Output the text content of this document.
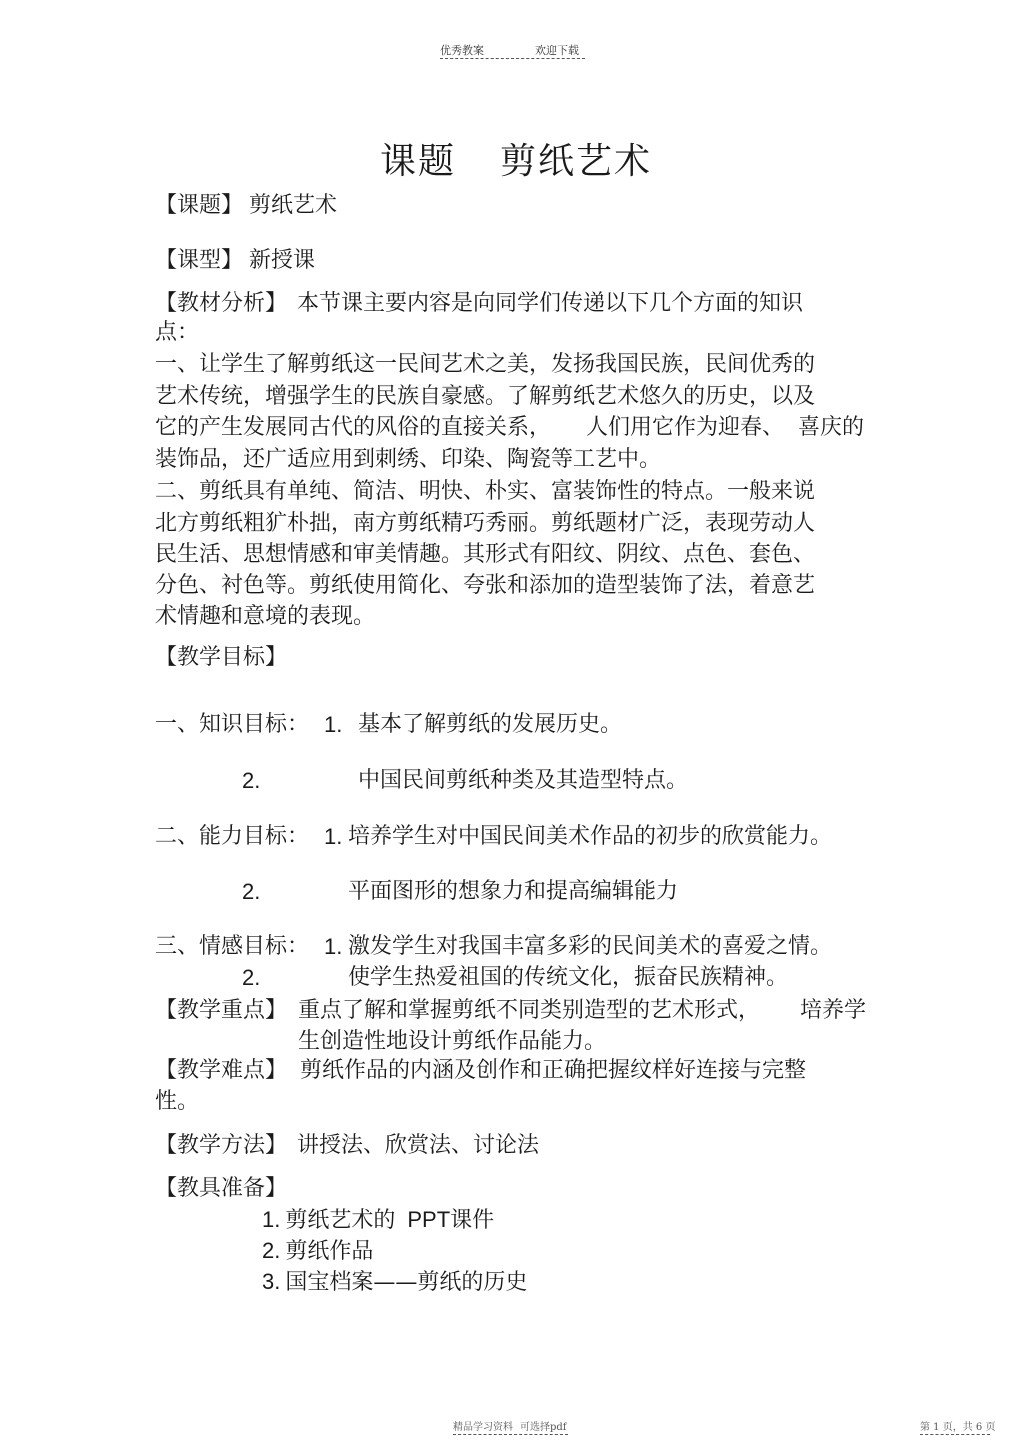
优秀教案	欢迎下载
课题 剪纸艺术
【课题】 剪纸艺术
【课型】 新授课
【教材分析】 本节课主要内容是向同学们传递以下几个方面的知识
点：
一、让学生了解剪纸这一民间艺术之美，发扬我国民族，民间优秀的
艺术传统，增强学生的民族自豪感。了解剪纸艺术悠久的历史，以及
它的产生发展同古代的风俗的直接关系，     人们用它作为迎春、  喜庆的
装饰品，还广适应用到刺绣、印染、陶瓷等工艺中。
二、剪纸具有单纯、简洁、明快、朴实、富装饰性的特点。一般来说
北方剪纸粗犷朴拙，南方剪纸精巧秀丽。剪纸题材广泛，表现劳动人
民生活、思想情感和审美情趣。其形式有阳纹、阴纹、点色、套色、
分色、衬色等。剪纸使用简化、夸张和添加的造型装饰了法，着意艺
术情趣和意境的表现。
【教学目标】
一、知识目标： 1. 基本了解剪纸的发展历史。
2.	中国民间剪纸种类及其造型特点。
二、能力目标： 1. 培养学生对中国民间美术作品的初步的欣赏能力。
2.	平面图形的想象力和提高编辑能力
三、情感目标： 1. 激发学生对我国丰富多彩的民间美术的喜爱之情。
2.	使学生热爱祖国的传统文化，振奋民族精神。
【教学重点】 重点了解和掌握剪纸不同类别造型的艺术形式， 培养学
生创造性地设计剪纸作品能力。
【教学难点】 剪纸作品的内涵及创作和正确把握纹样好连接与完整
性。
【教学方法】 讲授法、欣赏法、讨论法
【教具准备】
1. 剪纸艺术的 PPT课件
2. 剪纸作品
3. 国宝档案——剪纸的历史
精品学习资料 可选择pdf	第 1 页，共 6 页
